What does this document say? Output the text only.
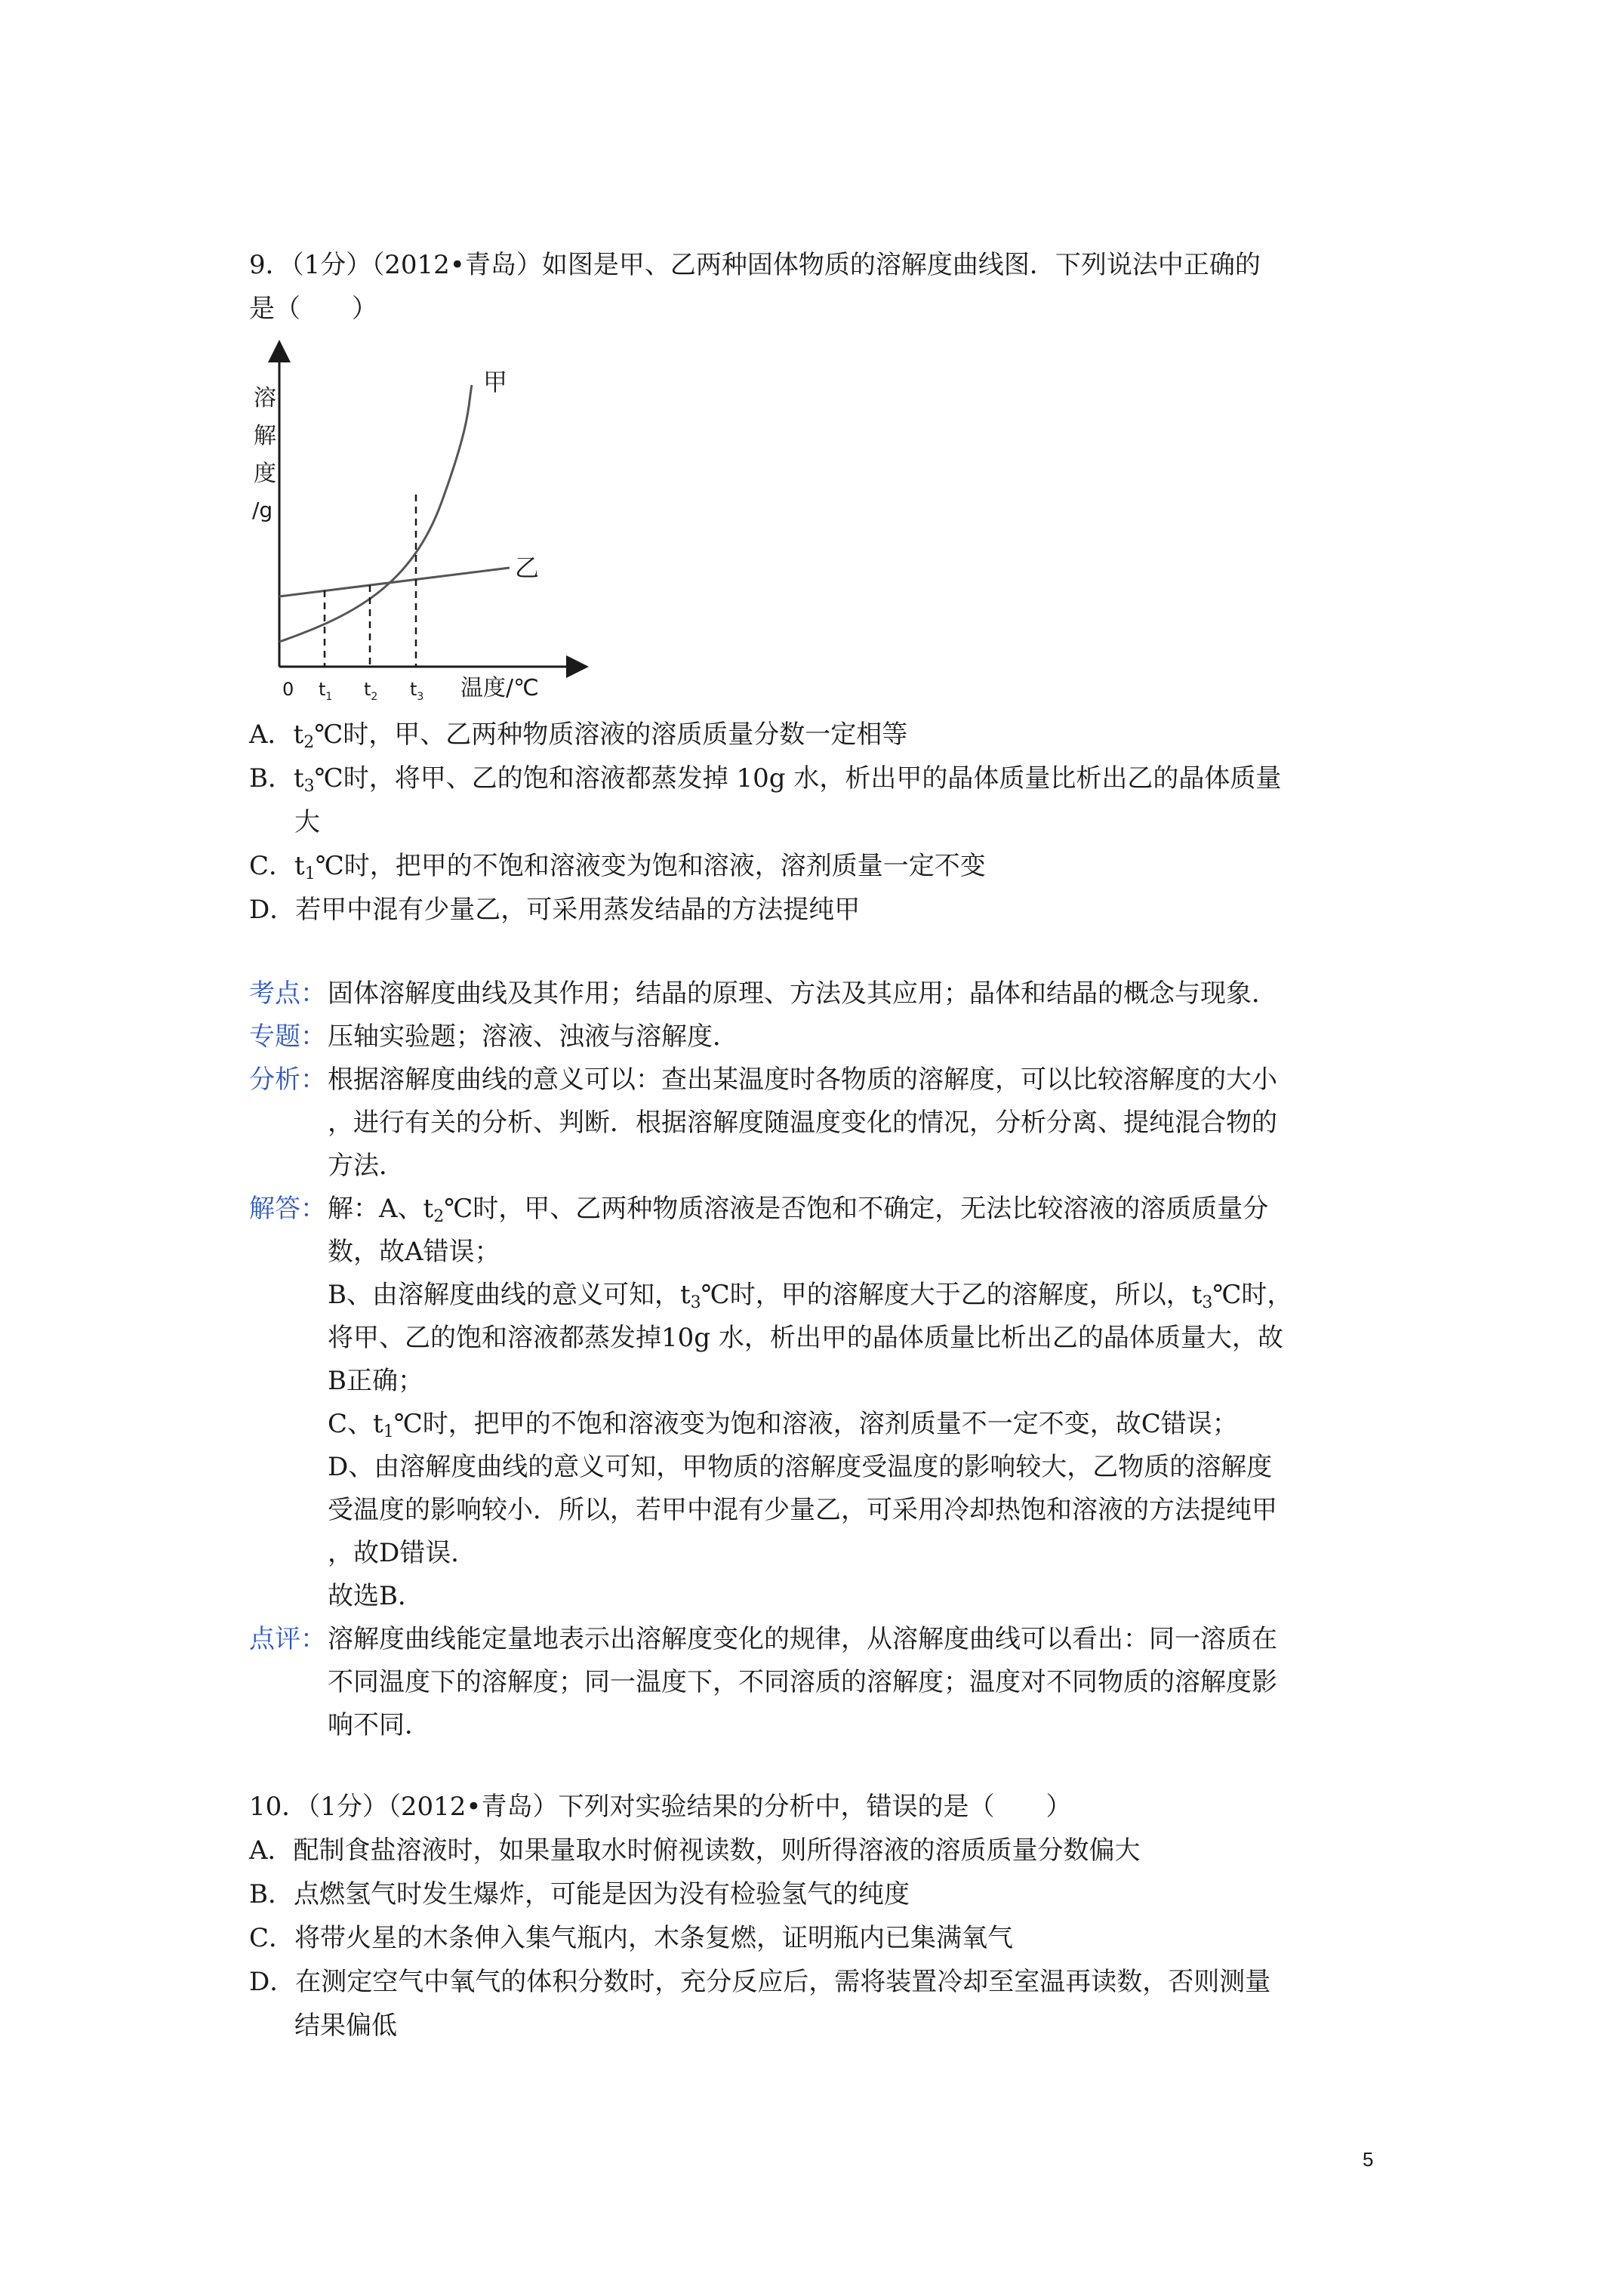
9．（1分）（2012•青岛）如图是甲、乙两种固体物质的溶解度曲线图．下列说法中正确的
是（　　）
溶
解
度
/g
甲
乙
0 $t_1$ $t_2$ $t_3$ 温度/℃
A．$t_2℃$时，甲、乙两种物质溶液的溶质质量分数一定相等
B．$t_3℃$时，将甲、乙的饱和溶液都蒸发掉 10g 水，析出甲的晶体质量比析出乙的晶体质量
大
C．$t_1℃$时，把甲的不饱和溶液变为饱和溶液，溶剂质量一定不变
D．若甲中混有少量乙，可采用蒸发结晶的方法提纯甲
考点： 固体溶解度曲线及其作用；结晶的原理、方法及其应用；晶体和结晶的概念与现象．
专题： 压轴实验题；溶液、浊液与溶解度．
分析： 根据溶解度曲线的意义可以：查出某温度时各物质的溶解度，可以比较溶解度的大小
，进行有关的分析、判断．根据溶解度随温度变化的情况，分析分离、提纯混合物的
方法．
解答： 解：A、$t_2℃$时，甲、乙两种物质溶液是否饱和不确定，无法比较溶液的溶质质量分
数，故A错误；
B、由溶解度曲线的意义可知，$t_3℃$时，甲的溶解度大于乙的溶解度，所以，$t_3℃$时，
将甲、乙的饱和溶液都蒸发掉10g 水，析出甲的晶体质量比析出乙的晶体质量大，故
B正确；
C、$t_1℃$时，把甲的不饱和溶液变为饱和溶液，溶剂质量不一定不变，故C错误；
D、由溶解度曲线的意义可知，甲物质的溶解度受温度的影响较大，乙物质的溶解度
受温度的影响较小．所以，若甲中混有少量乙，可采用冷却热饱和溶液的方法提纯甲
，故D错误．
故选B．
点评： 溶解度曲线能定量地表示出溶解度变化的规律，从溶解度曲线可以看出：同一溶质在
不同温度下的溶解度；同一温度下，不同溶质的溶解度；温度对不同物质的溶解度影
响不同．
10．（1分）（2012•青岛）下列对实验结果的分析中，错误的是（　　）
A．配制食盐溶液时，如果量取水时俯视读数，则所得溶液的溶质质量分数偏大
B．点燃氢气时发生爆炸，可能是因为没有检验氢气的纯度
C．将带火星的木条伸入集气瓶内，木条复燃，证明瓶内已集满氧气
D．在测定空气中氧气的体积分数时，充分反应后，需将装置冷却至室温再读数，否则测量
结果偏低
5
